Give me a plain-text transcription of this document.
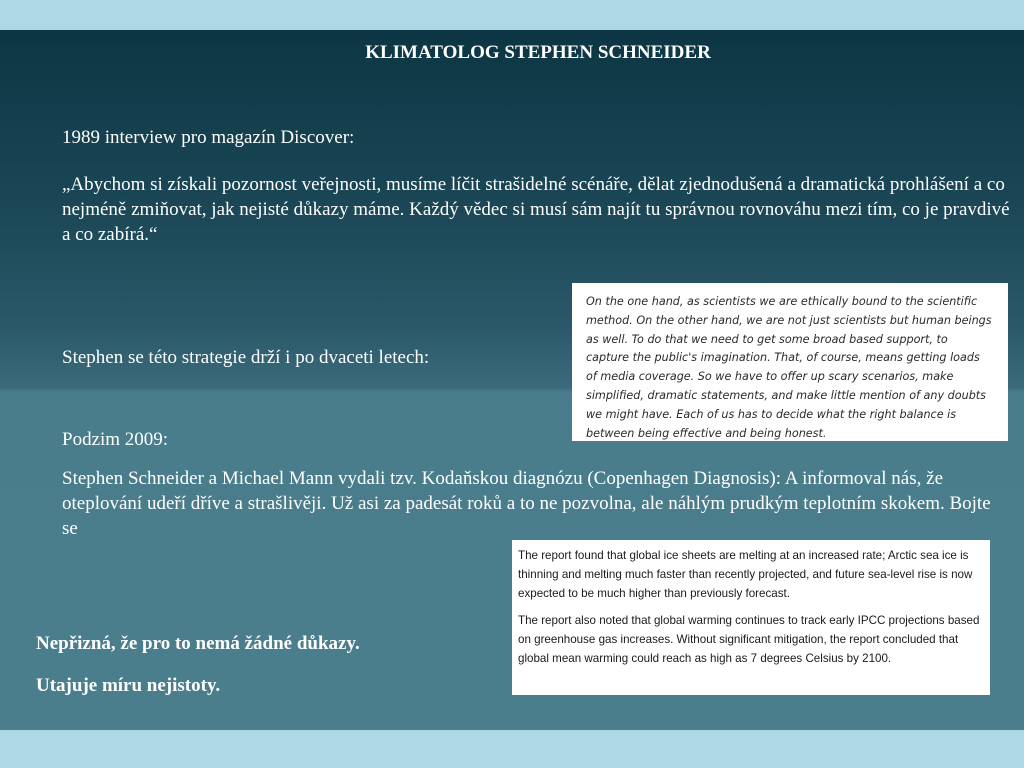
KLIMATOLOG STEPHEN SCHNEIDER
1989 interview pro magazín Discover:
„Abychom si získali pozornost veřejnosti, musíme líčit strašidelné scénáře, dělat zjednodušená a dramatická prohlášení a co nejméně zmiňovat, jak nejisté důkazy máme. Každý vědec si musí sám najít tu správnou rovnováhu mezi tím, co je pravdivé a co zabírá.“
Stephen se této strategie drží i po dvaceti letech:
Podzim 2009:
Stephen Schneider a Michael Mann vydali tzv. Kodaňskou diagnózu (Copenhagen Diagnosis): A informoval nás, že oteplování udeří dříve a strašlivěji. Už asi za padesát roků a to ne pozvolna, ale náhlým prudkým teplotním skokem. Bojte se
Nepřizná, že pro to nemá žádné důkazy.
Utajuje míru nejistoty.
On the one hand, as scientists we are ethically bound to the scientific method. On the other hand, we are not just scientists but human beings as well. To do that we need to get some broad based support, to capture the public's imagination. That, of course, means getting loads of media coverage. So we have to offer up scary scenarios, make simplified, dramatic statements, and make little mention of any doubts we might have. Each of us has to decide what the right balance is between being effective and being honest.

The report found that global ice sheets are melting at an increased rate; Arctic sea ice is thinning and melting much faster than recently projected, and future sea-level rise is now expected to be much higher than previously forecast.

The report also noted that global warming continues to track early IPCC projections based on greenhouse gas increases. Without significant mitigation, the report concluded that global mean warming could reach as high as 7 degrees Celsius by 2100.
